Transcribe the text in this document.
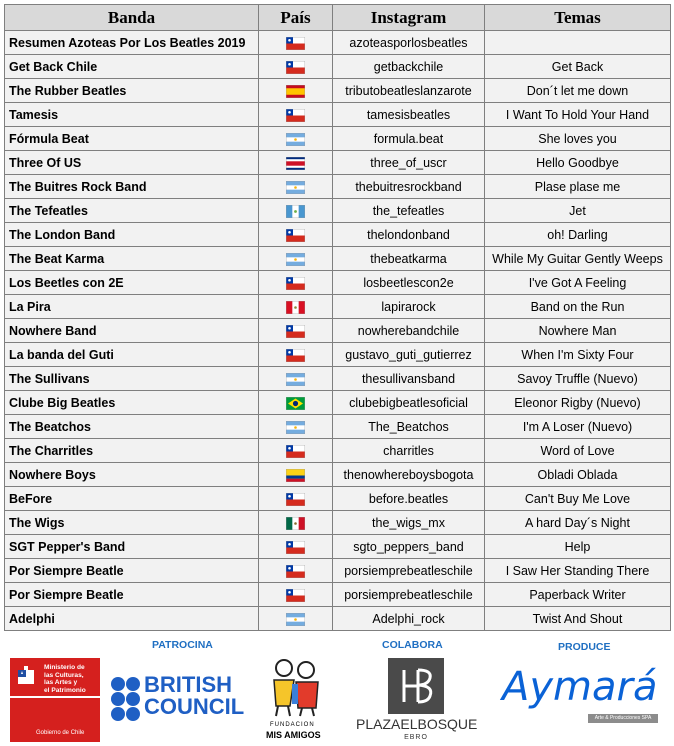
Banda	País	Instagram	Temas
Resumen Azoteas Por Los Beatles 2019		azoteasporlosbeatles	
Get Back Chile		getbackchile	Get Back
The Rubber Beatles		tributobeatleslanzarote	Don´t let me down
Tamesis		tamesisbeatles	I Want To Hold Your Hand
Fórmula Beat		formula.beat	She loves you
Three Of US		three_of_uscr	Hello Goodbye
The Buitres Rock Band		thebuitresrockband	Plase plase me
The Tefeatles		the_tefeatles	Jet
The London Band		thelondonband	oh! Darling
The Beat Karma		thebeatkarma	While My Guitar Gently Weeps
Los Beetles con 2E		losbeetlescon2e	I've Got A Feeling
La Pira		lapirarock	Band on the Run
Nowhere Band		nowherebandchile	Nowhere Man
La banda del Guti		gustavo_guti_gutierrez	When I'm Sixty Four
The Sullivans		thesullivansband	Savoy Truffle (Nuevo)
Clube Big Beatles		clubebigbeatlesoficial	Eleonor Rigby (Nuevo)
The Beatchos		The_Beatchos	I'm A Loser (Nuevo)
The Charritles		charritles	Word of Love
Nowhere Boys		thenowhereboysbogota	Obladi Oblada
BeFore		before.beatles	Can't Buy Me Love
The Wigs		the_wigs_mx	A hard Day´s Night
SGT Pepper's Band		sgto_peppers_band	Help
Por Siempre Beatle		porsiemprebeatleschile	I Saw Her Standing There
Por Siempre Beatle		porsiemprebeatleschile	Paperback Writer
Adelphi		Adelphi_rock	Twist And Shout
PATROCINA	COLABORA	PRODUCE
Ministerio de
las Culturas,
las Artes y
el Patrimonio
Gobierno de Chile
BRITISH
COUNCIL
FUNDACION
MIS AMIGOS
PLAZAELBOSQUE
EBRO
Aymará
Arte & Producciones SPA
